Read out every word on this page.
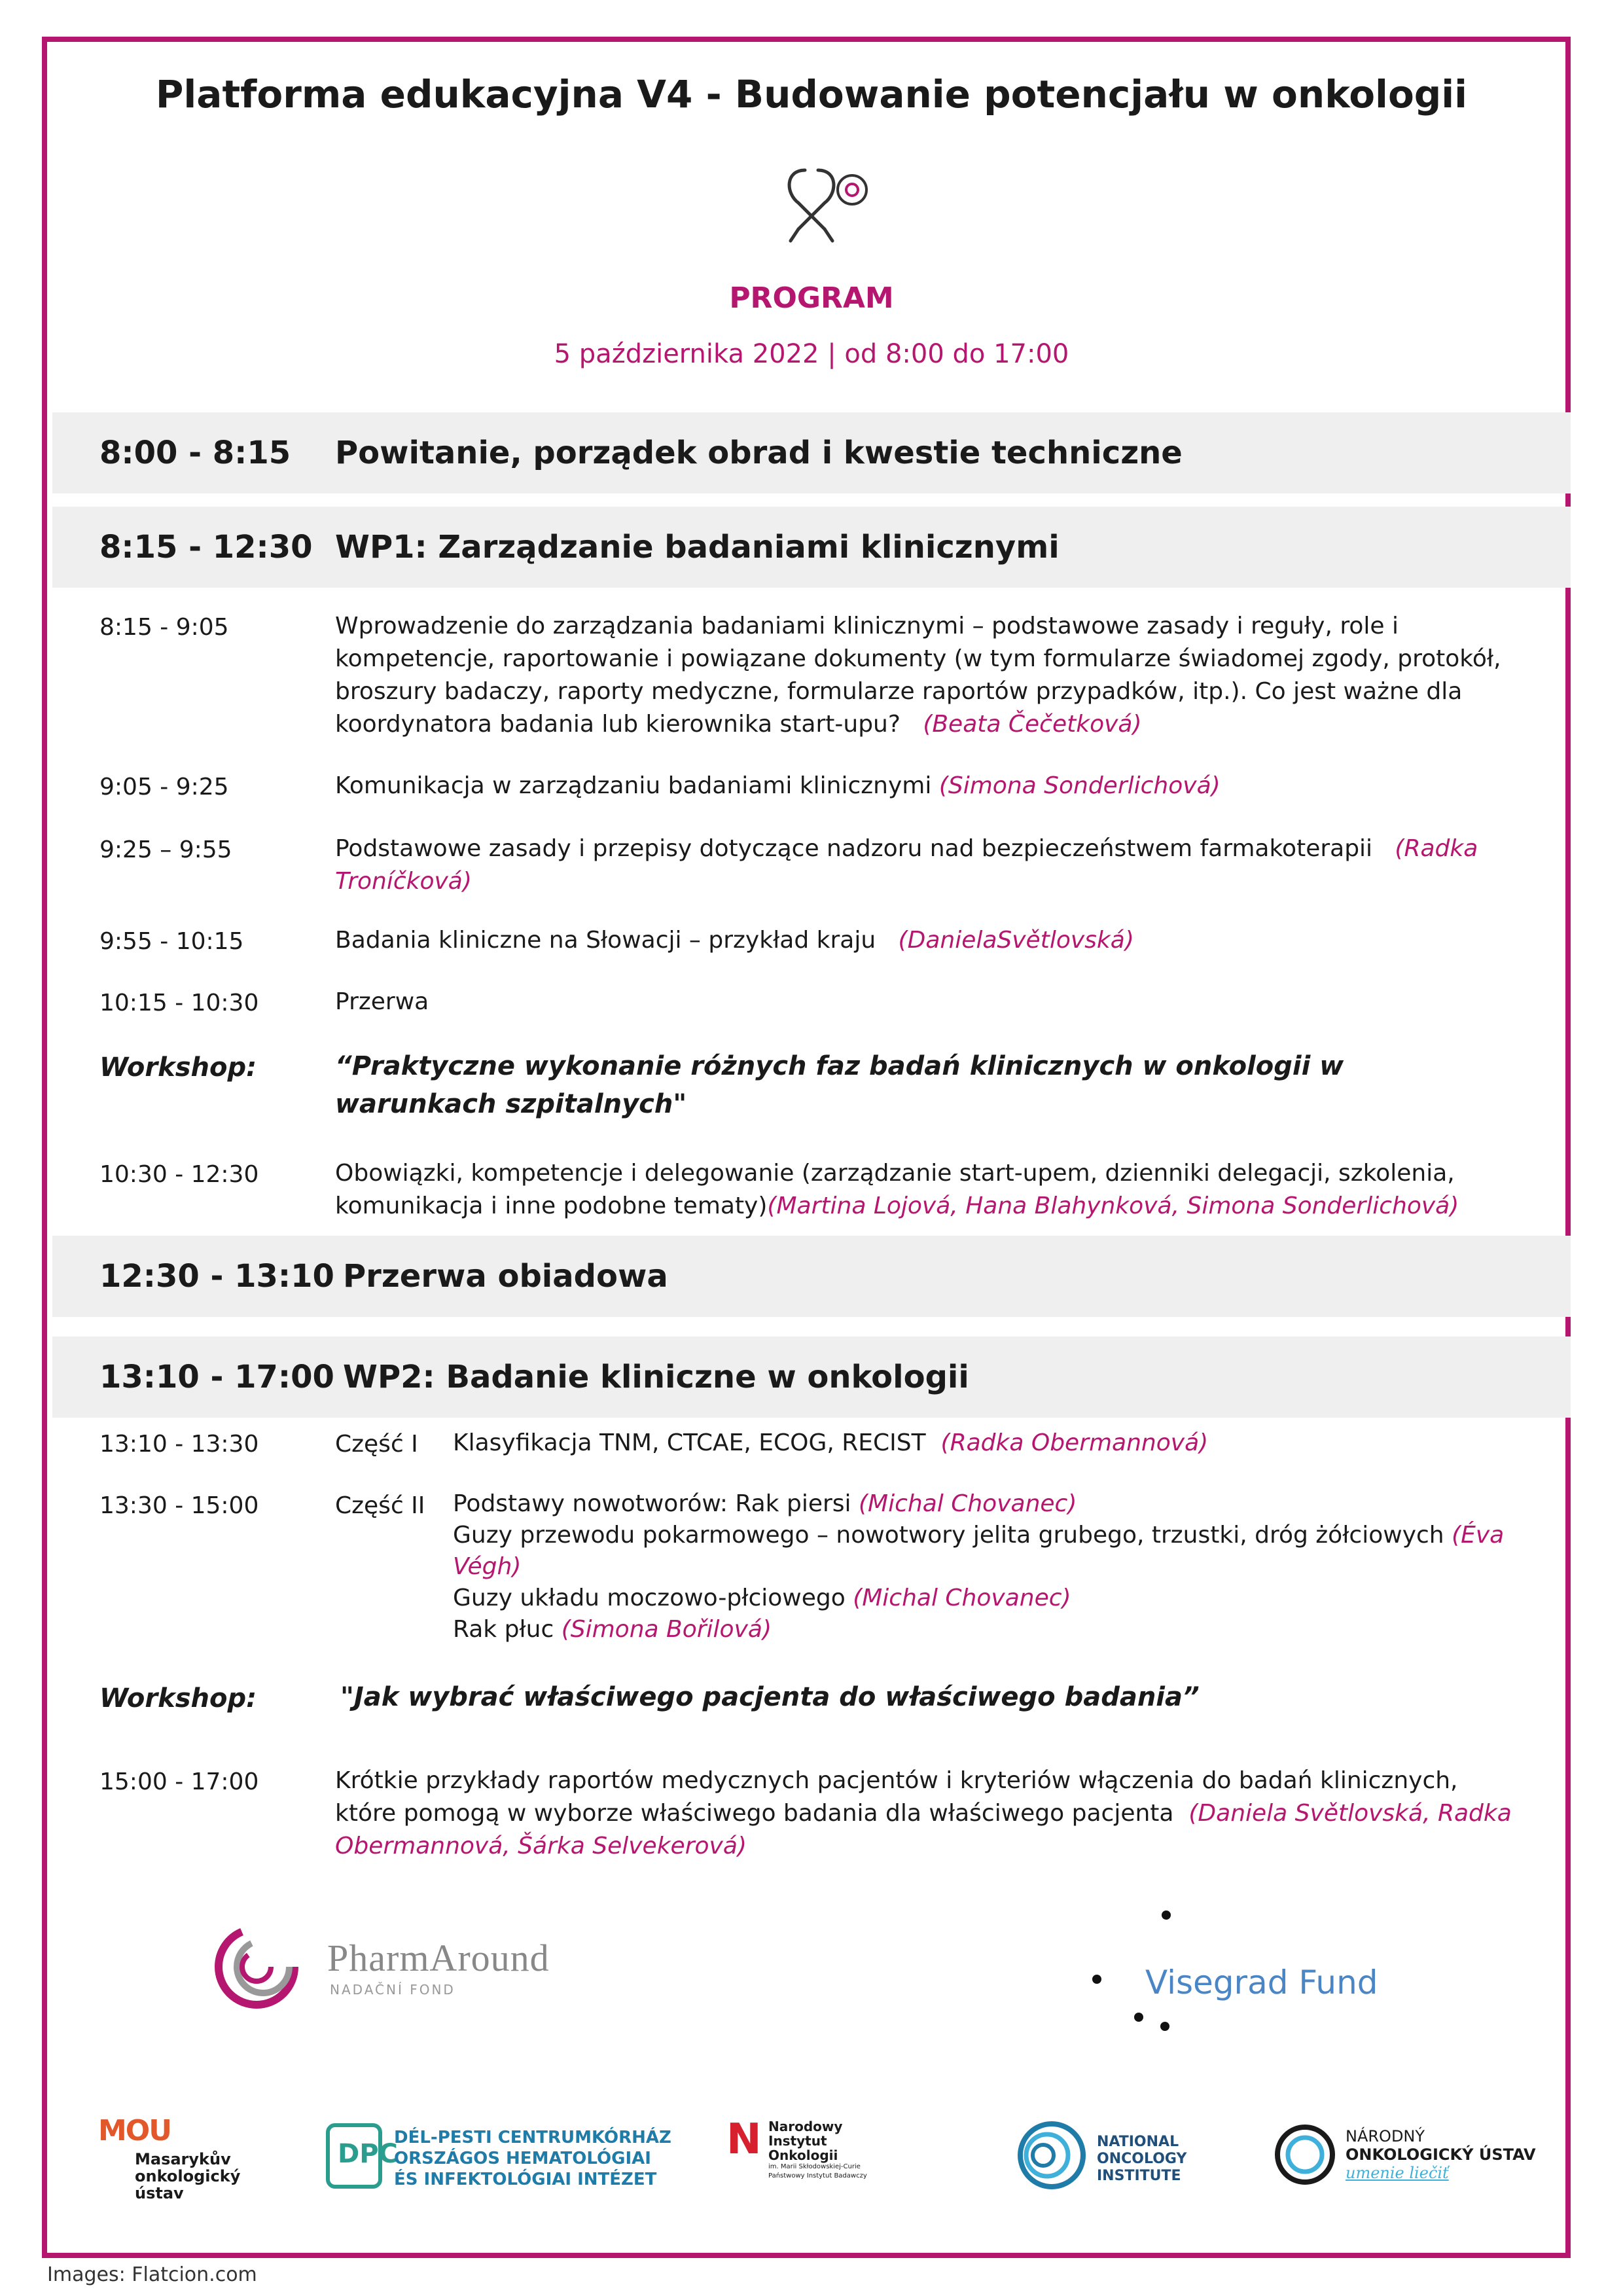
Platforma edukacyjna V4 - Budowanie potencjału w onkologii
PROGRAM
5 października 2022 | od 8:00 do 17:00
8:00 - 8:15 Powitanie, porządek obrad i kwestie techniczne
8:15 - 12:30 WP1: Zarządzanie badaniami klinicznymi
8:15 - 9:05	Wprowadzenie do zarządzania badaniami klinicznymi – podstawowe zasady i reguły, role i kompetencje, raportowanie i powiązane dokumenty (w tym formularze świadomej zgody, protokół, broszury badaczy, raporty medyczne, formularze raportów przypadków, itp.). Co jest ważne dla koordynatora badania lub kierownika start-upu? (Beata Čečetková)
9:05 - 9:25	Komunikacja w zarządzaniu badaniami klinicznymi (Simona Sonderlichová)
9:25 – 9:55	Podstawowe zasady i przepisy dotyczące nadzoru nad bezpieczeństwem farmakoterapii (Radka Troníčková)
9:55 - 10:15	Badania kliniczne na Słowacji – przykład kraju (DanielaSvětlovská)
10:15 - 10:30	Przerwa
Workshop:	“Praktyczne wykonanie różnych faz badań klinicznych w onkologii w warunkach szpitalnych"
10:30 - 12:30	Obowiązki, kompetencje i delegowanie (zarządzanie start-upem, dzienniki delegacji, szkolenia, komunikacja i inne podobne tematy)(Martina Lojová, Hana Blahynková, Simona Sonderlichová)
12:30 - 13:10 Przerwa obiadowa
13:10 - 17:00 WP2: Badanie kliniczne w onkologii
13:10 - 13:30	Część I Klasyfikacja TNM, CTCAE, ECOG, RECIST (Radka Obermannová)
13:30 - 15:00	Część II Podstawy nowotworów: Rak piersi (Michal Chovanec)
Guzy przewodu pokarmowego – nowotwory jelita grubego, trzustki, dróg żółciowych (Éva Végh)
Guzy układu moczowo-płciowego (Michal Chovanec)
Rak płuc (Simona Bořilová)
Workshop:	"Jak wybrać właściwego pacjenta do właściwego badania”
15:00 - 17:00	Krótkie przykłady raportów medycznych pacjentów i kryteriów włączenia do badań klinicznych, które pomogą w wyborze właściwego badania dla właściwego pacjenta (Daniela Světlovská, Radka Obermannová, Šárka Selvekerová)
PharmAround
NADAČNÍ FOND	Visegrad Fund
MOU
Masarykův
onkologický
ústav
DPC
DÉL-PESTI CENTRUMKÓRHÁZ
ORSZÁGOS HEMATOLÓGIAI
ÉS INFEKTOLÓGIAI INTÉZET
N Narodowy
Instytut
Onkologii
im. Marii Skłodowskiej-Curie
Państwowy Instytut Badawczy
NATIONAL
ONCOLOGY
INSTITUTE
NÁRODNÝ
ONKOLOGICKÝ ÚSTAV
umenie liečiť
Images: Flatcion.com
